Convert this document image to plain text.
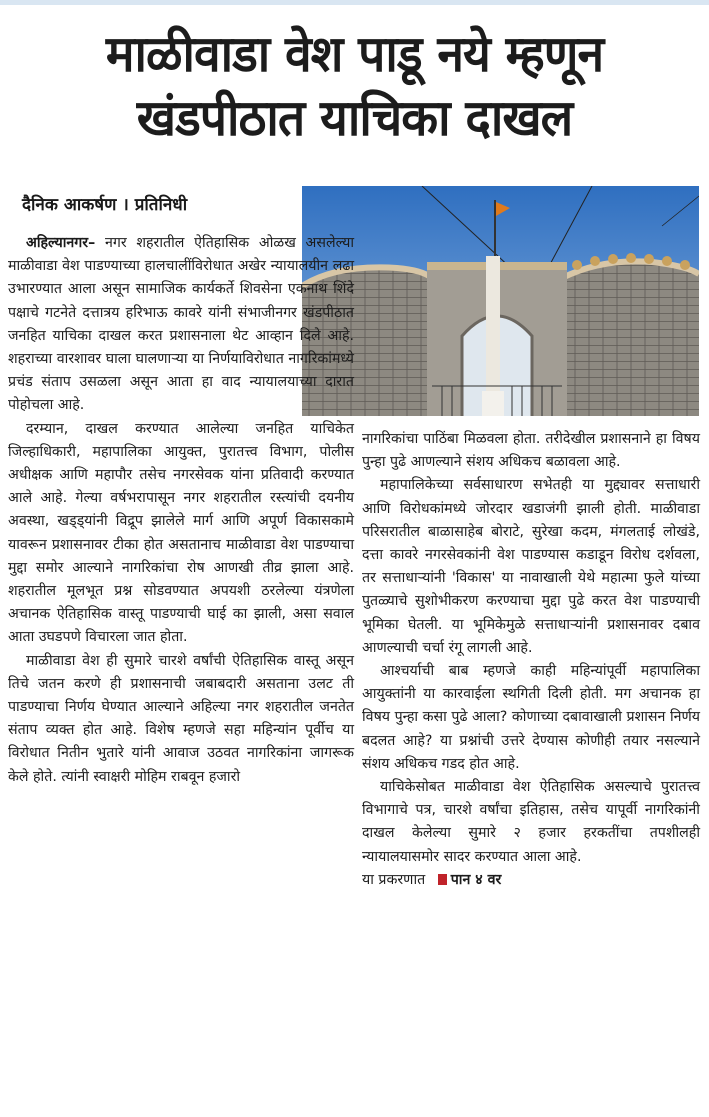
माळीवाडा वेश पाडू नये म्हणून
खंडपीठात याचिका दाखल
दैनिक आकर्षण । प्रतिनिधी

अहिल्यानगर– नगर शहरातील ऐतिहासिक ओळख असलेल्या माळीवाडा वेश पाडण्याच्या हालचालींविरोधात अखेर न्यायालयीन लढा उभारण्यात आला असून सामाजिक कार्यकर्ते शिवसेना एकनाथ शिंदे पक्षाचे गटनेते दत्तात्रय हरिभाऊ कावरे यांनी संभाजीनगर खंडपीठात जनहित याचिका दाखल करत प्रशासनाला थेट आव्हान दिले आहे. शहराच्या वारशावर घाला घालणाऱ्या या निर्णयाविरोधात नागरिकांमध्ये प्रचंड संताप उसळला असून आता हा वाद न्यायालयाच्या दारात पोहोचला आहे.

दरम्यान, दाखल करण्यात आलेल्या जनहित याचिकेत जिल्हाधिकारी, महापालिका आयुक्त, पुरातत्त्व विभाग, पोलीस अधीक्षक आणि महापौर तसेच नगरसेवक यांना प्रतिवादी करण्यात आले आहे. गेल्या वर्षभरापासून नगर शहरातील रस्त्यांची दयनीय अवस्था, खड्ड्यांनी विद्रूप झालेले मार्ग आणि अपूर्ण विकासकामे यावरून प्रशासनावर टीका होत असतानाच माळीवाडा वेश पाडण्याचा मुद्दा समोर आल्याने नागरिकांचा रोष आणखी तीव्र झाला आहे. शहरातील मूलभूत प्रश्न सोडवण्यात अपयशी ठरलेल्या यंत्रणेला अचानक ऐतिहासिक वास्तू पाडण्याची घाई का झाली, असा सवाल आता उघडपणे विचारला जात होता.

माळीवाडा वेश ही सुमारे चारशे वर्षांची ऐतिहासिक वास्तू असून तिचे जतन करणे ही प्रशासनाची जबाबदारी असताना उलट ती पाडण्याचा निर्णय घेण्यात आल्याने अहिल्या नगर शहरातील जनतेत संताप व्यक्त होत आहे. विशेष म्हणजे सहा महिन्यांन पूर्वीच या विरोधात नितीन भुतारे यांनी आवाज उठवत नागरिकांना जागरूक केले होते. त्यांनी स्वाक्षरी मोहिम राबवून हजारो

नागरिकांचा पाठिंबा मिळवला होता. तरीदेखील प्रशासनाने हा विषय पुन्हा पुढे आणल्याने संशय अधिकच बळावला आहे.

महापालिकेच्या सर्वसाधारण सभेतही या मुद्द्यावर सत्ताधारी आणि विरोधकांमध्ये जोरदार खडाजंगी झाली होती. माळीवाडा परिसरातील बाळासाहेब बोराटे, सुरेखा कदम, मंगलताई लोखंडे, दत्ता कावरे नगरसेवकांनी वेश पाडण्यास कडाडून विरोध दर्शवला, तर सत्ताधाऱ्यांनी 'विकास' या नावाखाली येथे महात्मा फुले यांच्या पुतळ्याचे सुशोभीकरण करण्याचा मुद्दा पुढे करत वेश पाडण्याची भूमिका घेतली. या भूमिकेमुळे सत्ताधाऱ्यांनी प्रशासनावर दबाव आणल्याची चर्चा रंगू लागली आहे.

आश्चर्याची बाब म्हणजे काही महिन्यांपूर्वी महापालिका आयुक्तांनी या कारवाईला स्थगिती दिली होती. मग अचानक हा विषय पुन्हा कसा पुढे आला? कोणाच्या दबावाखाली प्रशासन निर्णय बदलत आहे? या प्रश्नांची उत्तरे देण्यास कोणीही तयार नसल्याने संशय अधिकच गडद होत आहे.

याचिकेसोबत माळीवाडा वेश ऐतिहासिक असल्याचे पुरातत्त्व विभागाचे पत्र, चारशे वर्षांचा इतिहास, तसेच यापूर्वी नागरिकांनी दाखल केलेल्या सुमारे २ हजार हरकतींचा तपशीलही न्यायालयासमोर सादर करण्यात आला आहे.

या प्रकरणात पान ४ वर
